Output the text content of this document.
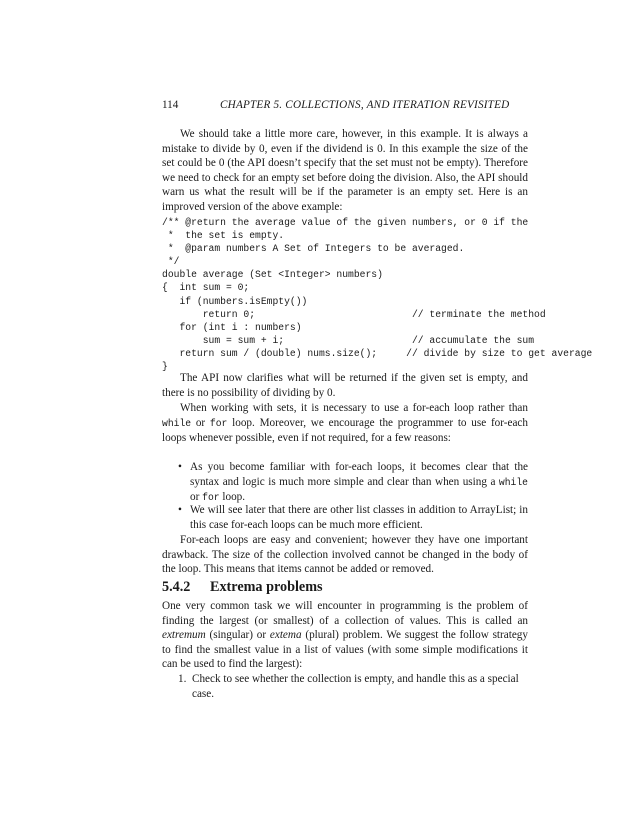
114	CHAPTER 5. COLLECTIONS, AND ITERATION REVISITED
We should take a little more care, however, in this example. It is always a mistake to divide by 0, even if the dividend is 0. In this example the size of the set could be 0 (the API doesn’t specify that the set must not be empty). Therefore we need to check for an empty set before doing the division. Also, the API should warn us what the result will be if the parameter is an empty set. Here is an improved version of the above example:
/** @return the average value of the given numbers, or 0 if the
*  the set is empty.
*  @param numbers A Set of Integers to be averaged.
*/
double average (Set <Integer> numbers)
{  int sum = 0;
if (numbers.isEmpty())
return 0;                           // terminate the method
for (int i : numbers)
sum = sum + i;                      // accumulate the sum
return sum / (double) nums.size();     // divide by size to get average
}
The API now clarifies what will be returned if the given set is empty, and there is no possibility of dividing by 0.
When working with sets, it is necessary to use a for-each loop rather than while or for loop. Moreover, we encourage the programmer to use for-each loops whenever possible, even if not required, for a few reasons:
• As you become familiar with for-each loops, it becomes clear that the syntax and logic is much more simple and clear than when using a while or for loop.
• We will see later that there are other list classes in addition to ArrayList; in this case for-each loops can be much more efficient.
For-each loops are easy and convenient; however they have one important drawback. The size of the collection involved cannot be changed in the body of the loop. This means that items cannot be added or removed.
5.4.2 Extrema problems
One very common task we will encounter in programming is the problem of finding the largest (or smallest) of a collection of values. This is called an extremum (singular) or extema (plural) problem. We suggest the follow strategy to find the smallest value in a list of values (with some simple modifications it can be used to find the largest):
1. Check to see whether the collection is empty, and handle this as a special case.
